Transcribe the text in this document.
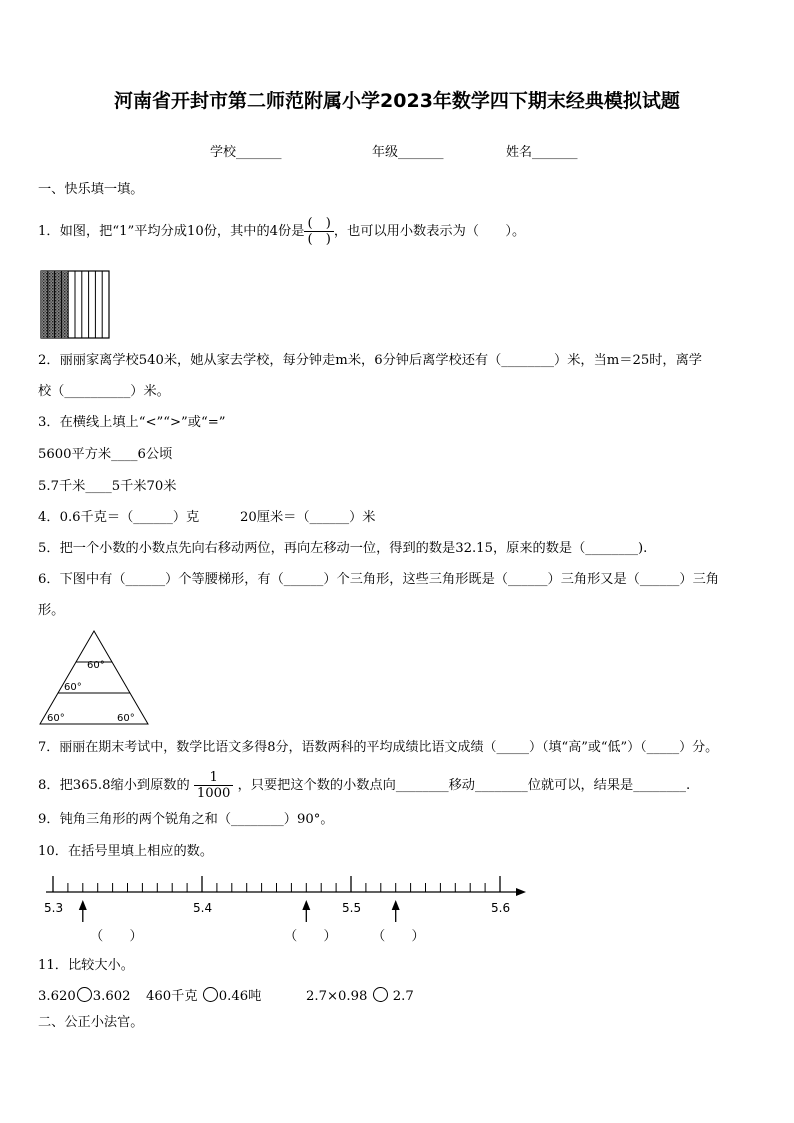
河南省开封市第二师范附属小学2023年数学四下期末经典模拟试题
学校_______	年级_______	姓名_______
一、快乐填一填。
1．如图，把“1”平均分成10份，其中的4份是 $\frac{( )}{( )}$ ，也可以用小数表示为（　　）。
2．丽丽家离学校540米，她从家去学校，每分钟走m米，6分钟后离学校还有（________）米，当m＝25时，离学
校（__________）米。
3．在横线上填上“<”“>”或“=”
5600平方米____6公顷
5.7千米____5千米70米
4．0.6千克＝（______）克	20厘米＝（______）米
5．把一个小数的小数点先向右移动两位，再向左移动一位，得到的数是32.15，原来的数是（________).
6．下图中有（______）个等腰梯形，有（______）个三角形，这些三角形既是（______）三角形又是（______）三角
形。
60°
60°
60°	60°
7．丽丽在期末考试中，数学比语文多得8分，语数两科的平均成绩比语文成绩（_____）（填“高”或“低”）（_____）分。
8．把365.8缩小到原数的 $\frac{1}{1000}$ ，只要把这个数的小数点向________移动________位就可以，结果是________.
9．钝角三角形的两个锐角之和（________）90°。
10．在括号里填上相应的数。
5.3	5.4	5.5	5.6
（　　）	（　　）	（　　）
11．比较大小。
3.620 3.602 460千克 0.46吨	2.7×0.98 2.7
二、公正小法官。
